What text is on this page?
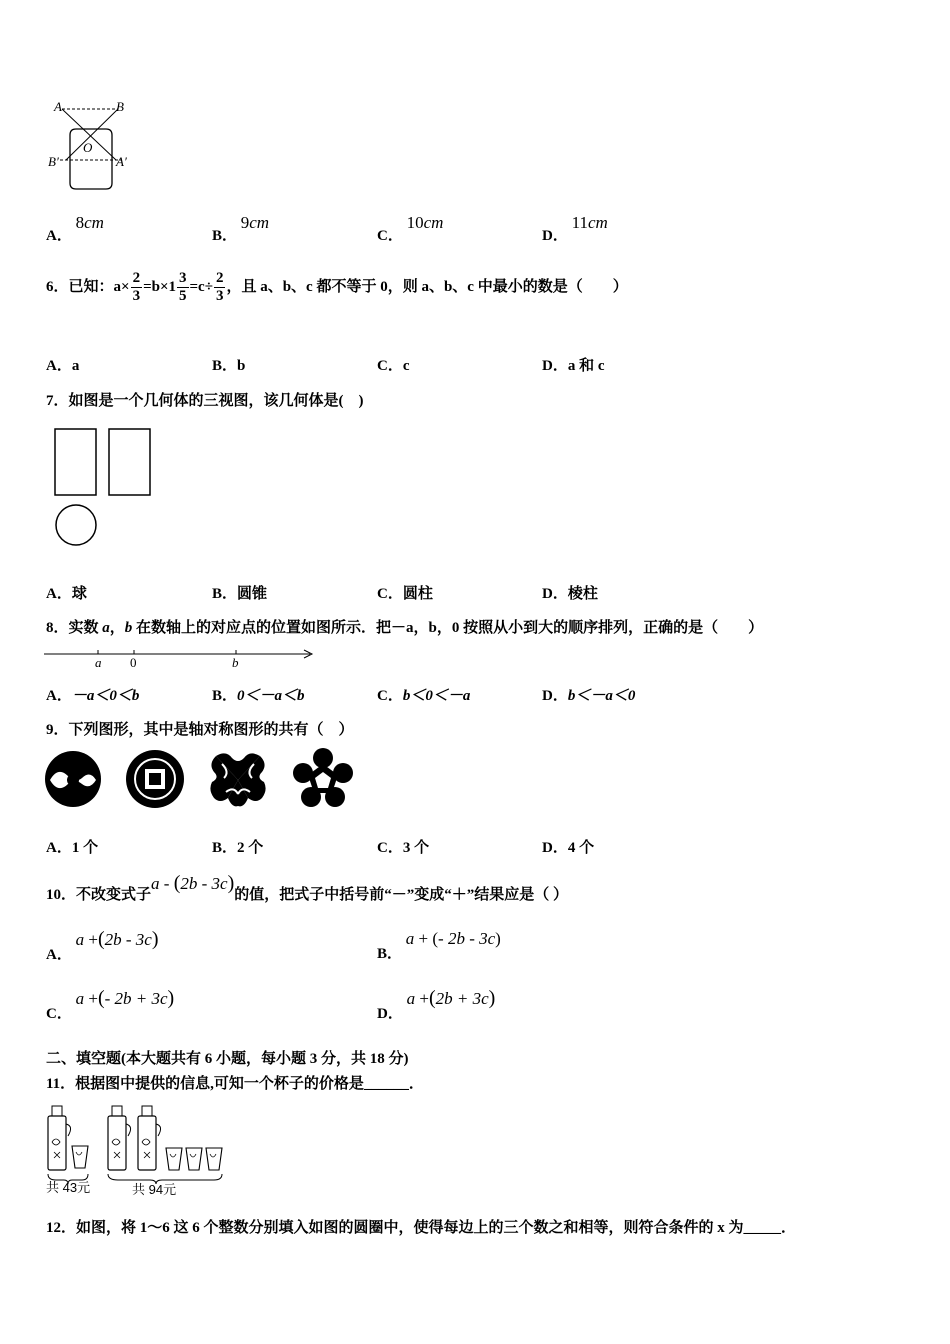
A	B
O
B′	A′
A． 8cm
B． 9cm
C． 10cm
D． 11cm
6．已知：$a\times \frac{2}{3} =b\times 1 \frac{3}{5} =c\div \frac{2}{3}$ ，且 a、b、c 都不等于 0，则 a、b、c 中最小的数是（　　）
A．a	B．b	C．c	D．a 和 c
7．如图是一个几何体的三视图，该几何体是(　)
A．球	B．圆锥	C．圆柱	D．棱柱
8．实数 a，b 在数轴上的对应点的位置如图所示．把－a，b，0 按照从小到大的顺序排列，正确的是（　　）
a 0	b
A．－a＜0＜b	B．0＜－a＜b	C．b＜0＜－a	D．b＜－a＜0
9．下列图形，其中是轴对称图形的共有（　）
A．1 个	B．2 个	C．3 个	D．4 个
10．不改变式子a - (2b - 3c)的值，把式子中括号前“－”变成“＋”结果应是（ ）
A． a +(2b - 3c)
B． a + (- 2b - 3c)
C． a +(- 2b + 3c)
D． a +(2b + 3c)
二、填空题(本大题共有 6 小题，每小题 3 分，共 18 分)
11．根据图中提供的信息,可知一个杯子的价格是______．
共 43元	共 94元
12．如图，将 1～6 这 6 个整数分别填入如图的圆圈中，使得每边上的三个数之和相等，则符合条件的 x 为_____．
